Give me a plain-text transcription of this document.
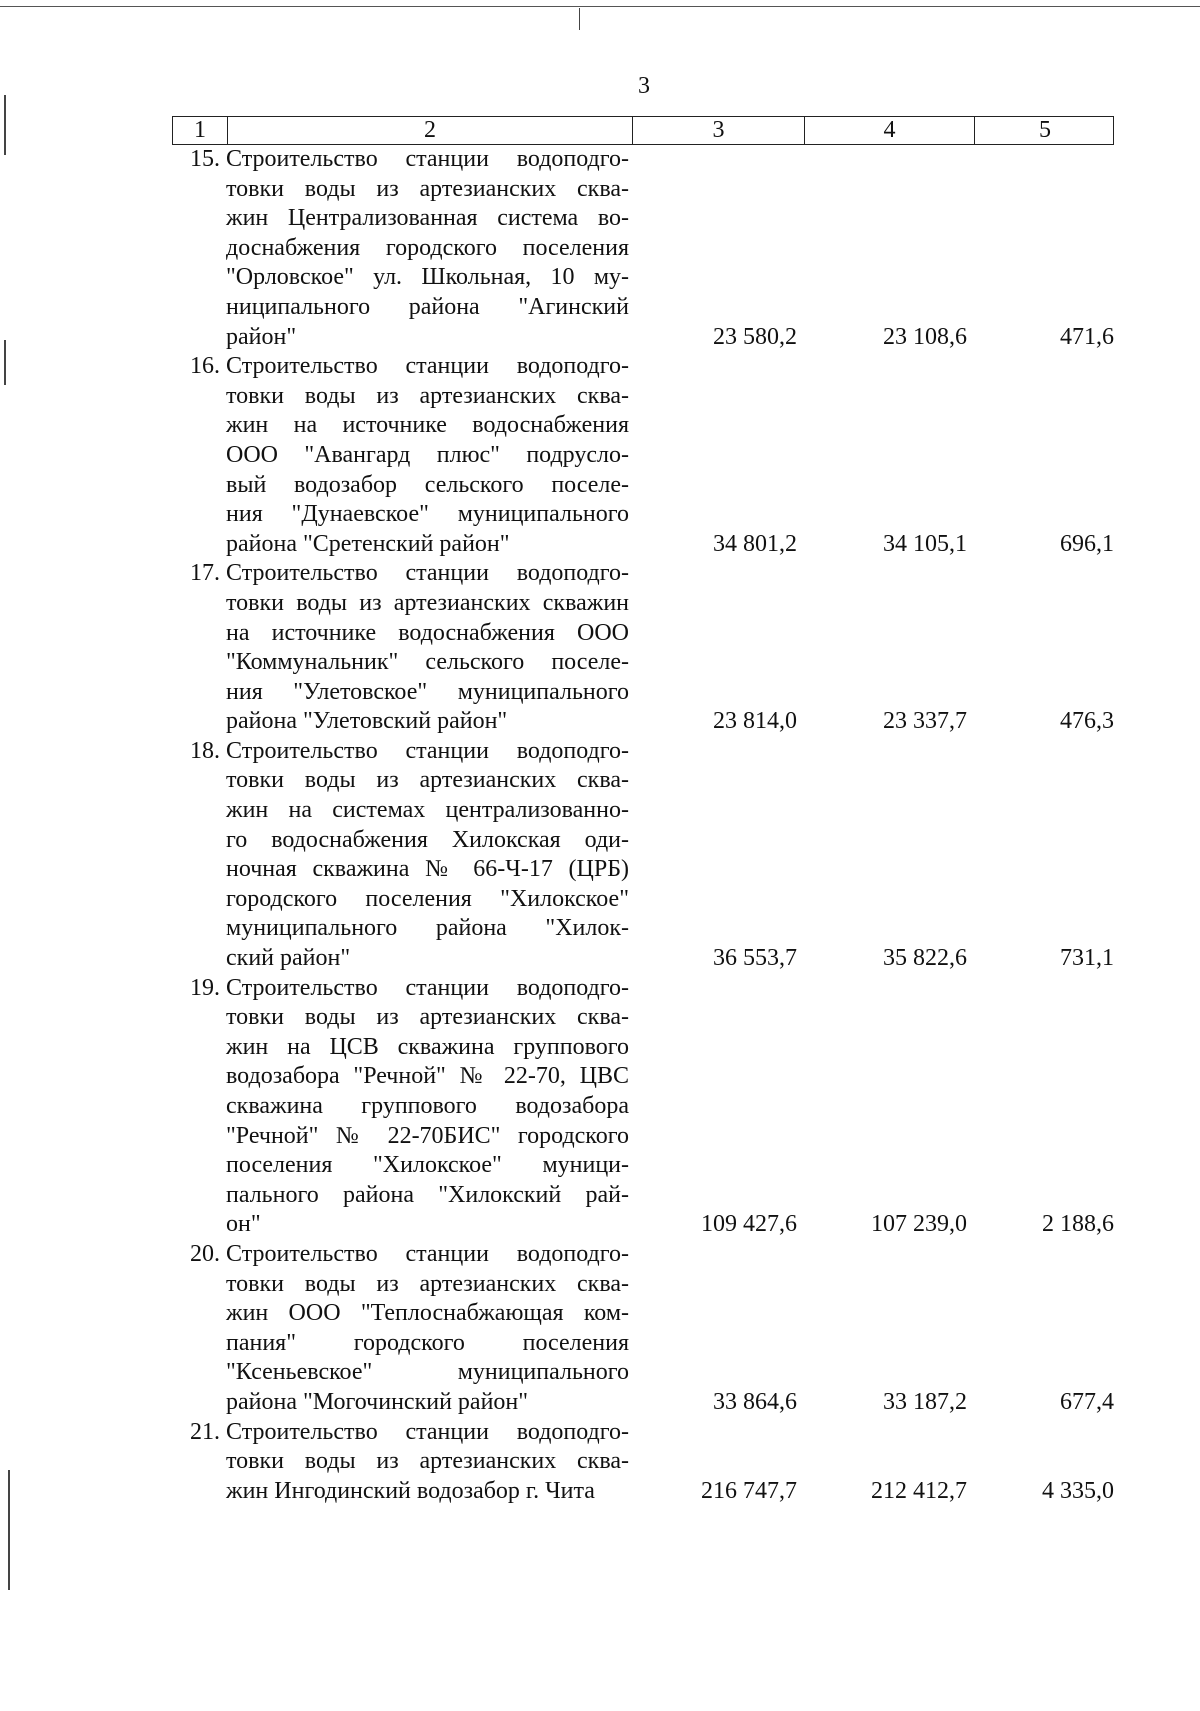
3
1	2	3	4	5
15. Строительство станции водоподго-
товки воды из артезианских сква-
жин Централизованная система во-
доснабжения городского поселения
"Орловское" ул. Школьная, 10 му-
ниципального района "Агинский
район"	23 580,2	23 108,6	471,6
16. Строительство станции водоподго-
товки воды из артезианских сква-
жин на источнике водоснабжения
ООО "Авангард плюс" подрусло-
вый водозабор сельского поселе-
ния "Дунаевское" муниципального
района "Сретенский район"	34 801,2	34 105,1	696,1
17. Строительство станции водоподго-
товки воды из артезианских скважин
на источнике водоснабжения ООО
"Коммунальник" сельского поселе-
ния "Улетовское" муниципального
района "Улетовский район"	23 814,0	23 337,7	476,3
18. Строительство станции водоподго-
товки воды из артезианских сква-
жин на системах централизованно-
го водоснабжения Хилокская оди-
ночная скважина № 66-Ч-17 (ЦРБ)
городского поселения "Хилокское"
муниципального района "Хилок-
ский район"	36 553,7	35 822,6	731,1
19. Строительство станции водоподго-
товки воды из артезианских сква-
жин на ЦСВ скважина группового
водозабора "Речной" № 22-70, ЦВС
скважина группового водозабора
"Речной" № 22-70БИС" городского
поселения "Хилокское" муници-
пального района "Хилокский рай-
он"	109 427,6	107 239,0	2 188,6
20. Строительство станции водоподго-
товки воды из артезианских сква-
жин ООО "Теплоснабжающая ком-
пания" городского поселения
"Ксеньевское" муниципального
района "Могочинский район"	33 864,6	33 187,2	677,4
21. Строительство станции водоподго-
товки воды из артезианских сква-
жин Ингодинский водозабор г. Чита	216 747,7	212 412,7	4 335,0
